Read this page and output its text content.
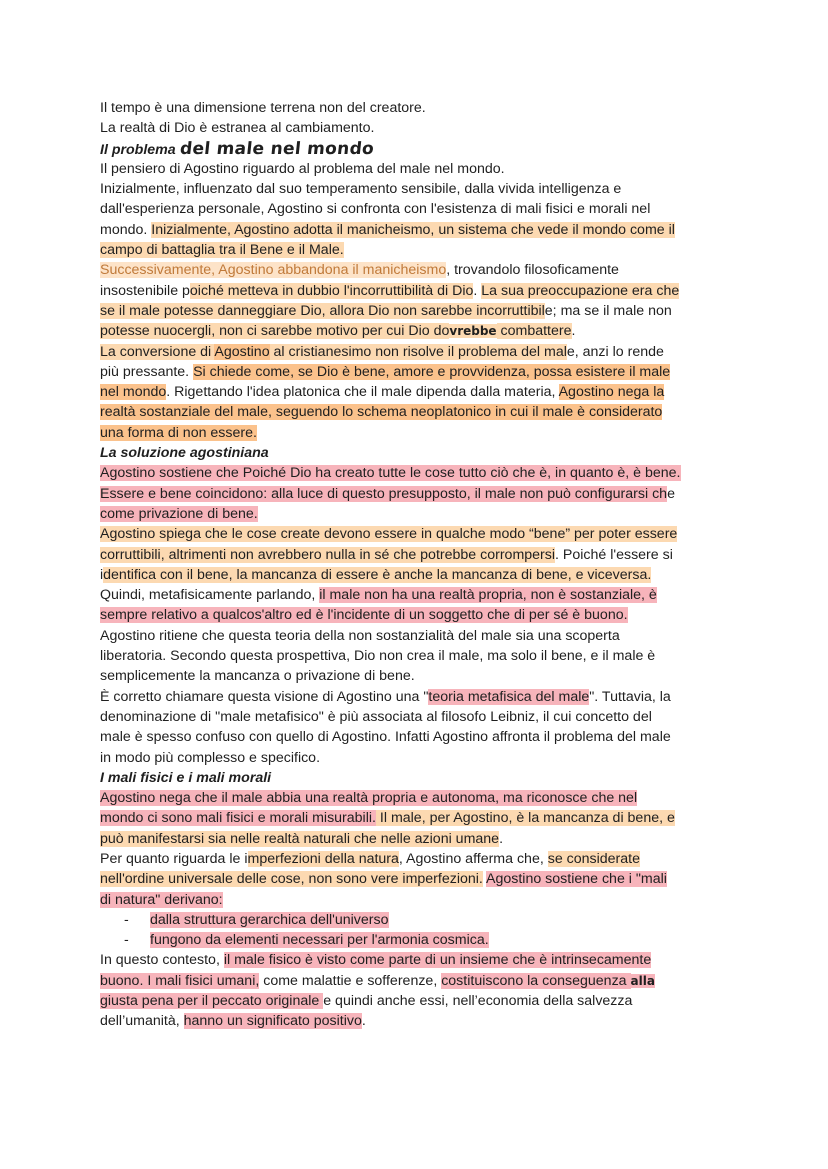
Il tempo è una dimensione terrena non del creatore.
La realtà di Dio è estranea al cambiamento.
Il problema del male nel mondo
Il pensiero di Agostino riguardo al problema del male nel mondo.
Inizialmente, influenzato dal suo temperamento sensibile, dalla vivida intelligenza e
dall'esperienza personale, Agostino si confronta con l'esistenza di mali fisici e morali nel
mondo. Inizialmente, Agostino adotta il manicheismo, un sistema che vede il mondo come il
campo di battaglia tra il Bene e il Male.
Successivamente, Agostino abbandona il manicheismo, trovandolo filosoficamente
insostenibile poiché metteva in dubbio l'incorruttibilità di Dio. La sua preoccupazione era che
se il male potesse danneggiare Dio, allora Dio non sarebbe incorruttibile; ma se il male non
potesse nuocergli, non ci sarebbe motivo per cui Dio dovrebbe combattere.
La conversione di Agostino al cristianesimo non risolve il problema del male, anzi lo rende
più pressante. Si chiede come, se Dio è bene, amore e provvidenza, possa esistere il male
nel mondo. Rigettando l'idea platonica che il male dipenda dalla materia, Agostino nega la
realtà sostanziale del male, seguendo lo schema neoplatonico in cui il male è considerato
una forma di non essere.
La soluzione agostiniana
Agostino sostiene che Poiché Dio ha creato tutte le cose tutto ciò che è, in quanto è, è bene.
Essere e bene coincidono: alla luce di questo presupposto, il male non può configurarsi che
come privazione di bene.
Agostino spiega che le cose create devono essere in qualche modo “bene” per poter essere
corruttibili, altrimenti non avrebbero nulla in sé che potrebbe corrompersi. Poiché l'essere si
identifica con il bene, la mancanza di essere è anche la mancanza di bene, e viceversa.
Quindi, metafisicamente parlando, il male non ha una realtà propria, non è sostanziale, è
sempre relativo a qualcos'altro ed è l'incidente di un soggetto che di per sé è buono.
Agostino ritiene che questa teoria della non sostanzialità del male sia una scoperta
liberatoria. Secondo questa prospettiva, Dio non crea il male, ma solo il bene, e il male è
semplicemente la mancanza o privazione di bene.
È corretto chiamare questa visione di Agostino una "teoria metafisica del male". Tuttavia, la
denominazione di "male metafisico" è più associata al filosofo Leibniz, il cui concetto del
male è spesso confuso con quello di Agostino. Infatti Agostino affronta il problema del male
in modo più complesso e specifico.
I mali fisici e i mali morali
Agostino nega che il male abbia una realtà propria e autonoma, ma riconosce che nel
mondo ci sono mali fisici e morali misurabili. Il male, per Agostino, è la mancanza di bene, e
può manifestarsi sia nelle realtà naturali che nelle azioni umane.
Per quanto riguarda le imperfezioni della natura, Agostino afferma che, se considerate
nell'ordine universale delle cose, non sono vere imperfezioni. Agostino sostiene che i "mali
di natura" derivano:
- dalla struttura gerarchica dell'universo
- fungono da elementi necessari per l'armonia cosmica.
In questo contesto, il male fisico è visto come parte di un insieme che è intrinsecamente
buono. I mali fisici umani, come malattie e sofferenze, costituiscono la conseguenza alla
giusta pena per il peccato originale e quindi anche essi, nell’economia della salvezza
dell’umanità, hanno un significato positivo.
